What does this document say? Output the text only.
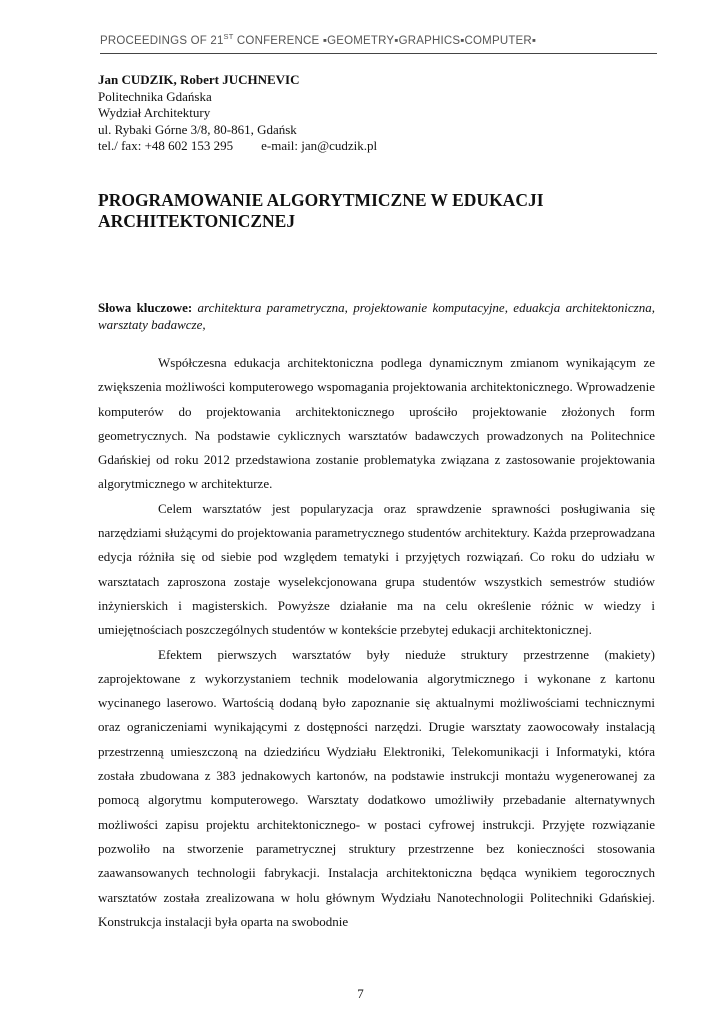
PROCEEDINGS OF 21ST CONFERENCE ▪GEOMETRY▪GRAPHICS▪COMPUTER▪
Jan CUDZIK, Robert JUCHNEVIC
Politechnika Gdańska
Wydział Architektury
ul. Rybaki Górne 3/8, 80-861, Gdańsk
tel./ fax: +48 602 153 295 e-mail: jan@cudzik.pl
PROGRAMOWANIE ALGORYTMICZNE W EDUKACJI ARCHITEKTONICZNEJ
Słowa kluczowe: architektura parametryczna, projektowanie komputacyjne, eduakcja architektoniczna, warsztaty badawcze,

Współczesna edukacja architektoniczna podlega dynamicznym zmianom wynikającym ze zwiększenia możliwości komputerowego wspomagania projektowania architektonicznego. Wprowadzenie komputerów do projektowania architektonicznego uprościło projektowanie złożonych form geometrycznych. Na podstawie cyklicznych warsztatów badawczych prowadzonych na Politechnice Gdańskiej od roku 2012 przedstawiona zostanie problematyka związana z zastosowanie projektowania algorytmicznego w architekturze.

Celem warsztatów jest popularyzacja oraz sprawdzenie sprawności posługiwania się narzędziami służącymi do projektowania parametrycznego studentów architektury. Każda przeprowadzana edycja różniła się od siebie pod względem tematyki i przyjętych rozwiązań. Co roku do udziału w warsztatach zaproszona zostaje wyselekcjonowana grupa studentów wszystkich semestrów studiów inżynierskich i magisterskich. Powyższe działanie ma na celu określenie różnic w wiedzy i umiejętnościach poszczególnych studentów w kontekście przebytej edukacji architektonicznej.

Efektem pierwszych warsztatów były nieduże struktury przestrzenne (makiety) zaprojektowane z wykorzystaniem technik modelowania algorytmicznego i wykonane z kartonu wycinanego laserowo. Wartością dodaną było zapoznanie się aktualnymi możliwościami technicznymi oraz ograniczeniami wynikającymi z dostępności narzędzi. Drugie warsztaty zaowocowały instalacją przestrzenną umieszczoną na dziedzińcu Wydziału Elektroniki, Telekomunikacji i Informatyki, która została zbudowana z 383 jednakowych kartonów, na podstawie instrukcji montażu wygenerowanej za pomocą algorytmu komputerowego. Warsztaty dodatkowo umożliwiły przebadanie alternatywnych możliwości zapisu projektu architektonicznego- w postaci cyfrowej instrukcji. Przyjęte rozwiązanie pozwoliło na stworzenie parametrycznej struktury przestrzenne bez konieczności stosowania zaawansowanych technologii fabrykacji. Instalacja architektoniczna będąca wynikiem tegorocznych warsztatów została zrealizowana w holu głównym Wydziału Nanotechnologii Politechniki Gdańskiej. Konstrukcja instalacji była oparta na swobodnie

7
